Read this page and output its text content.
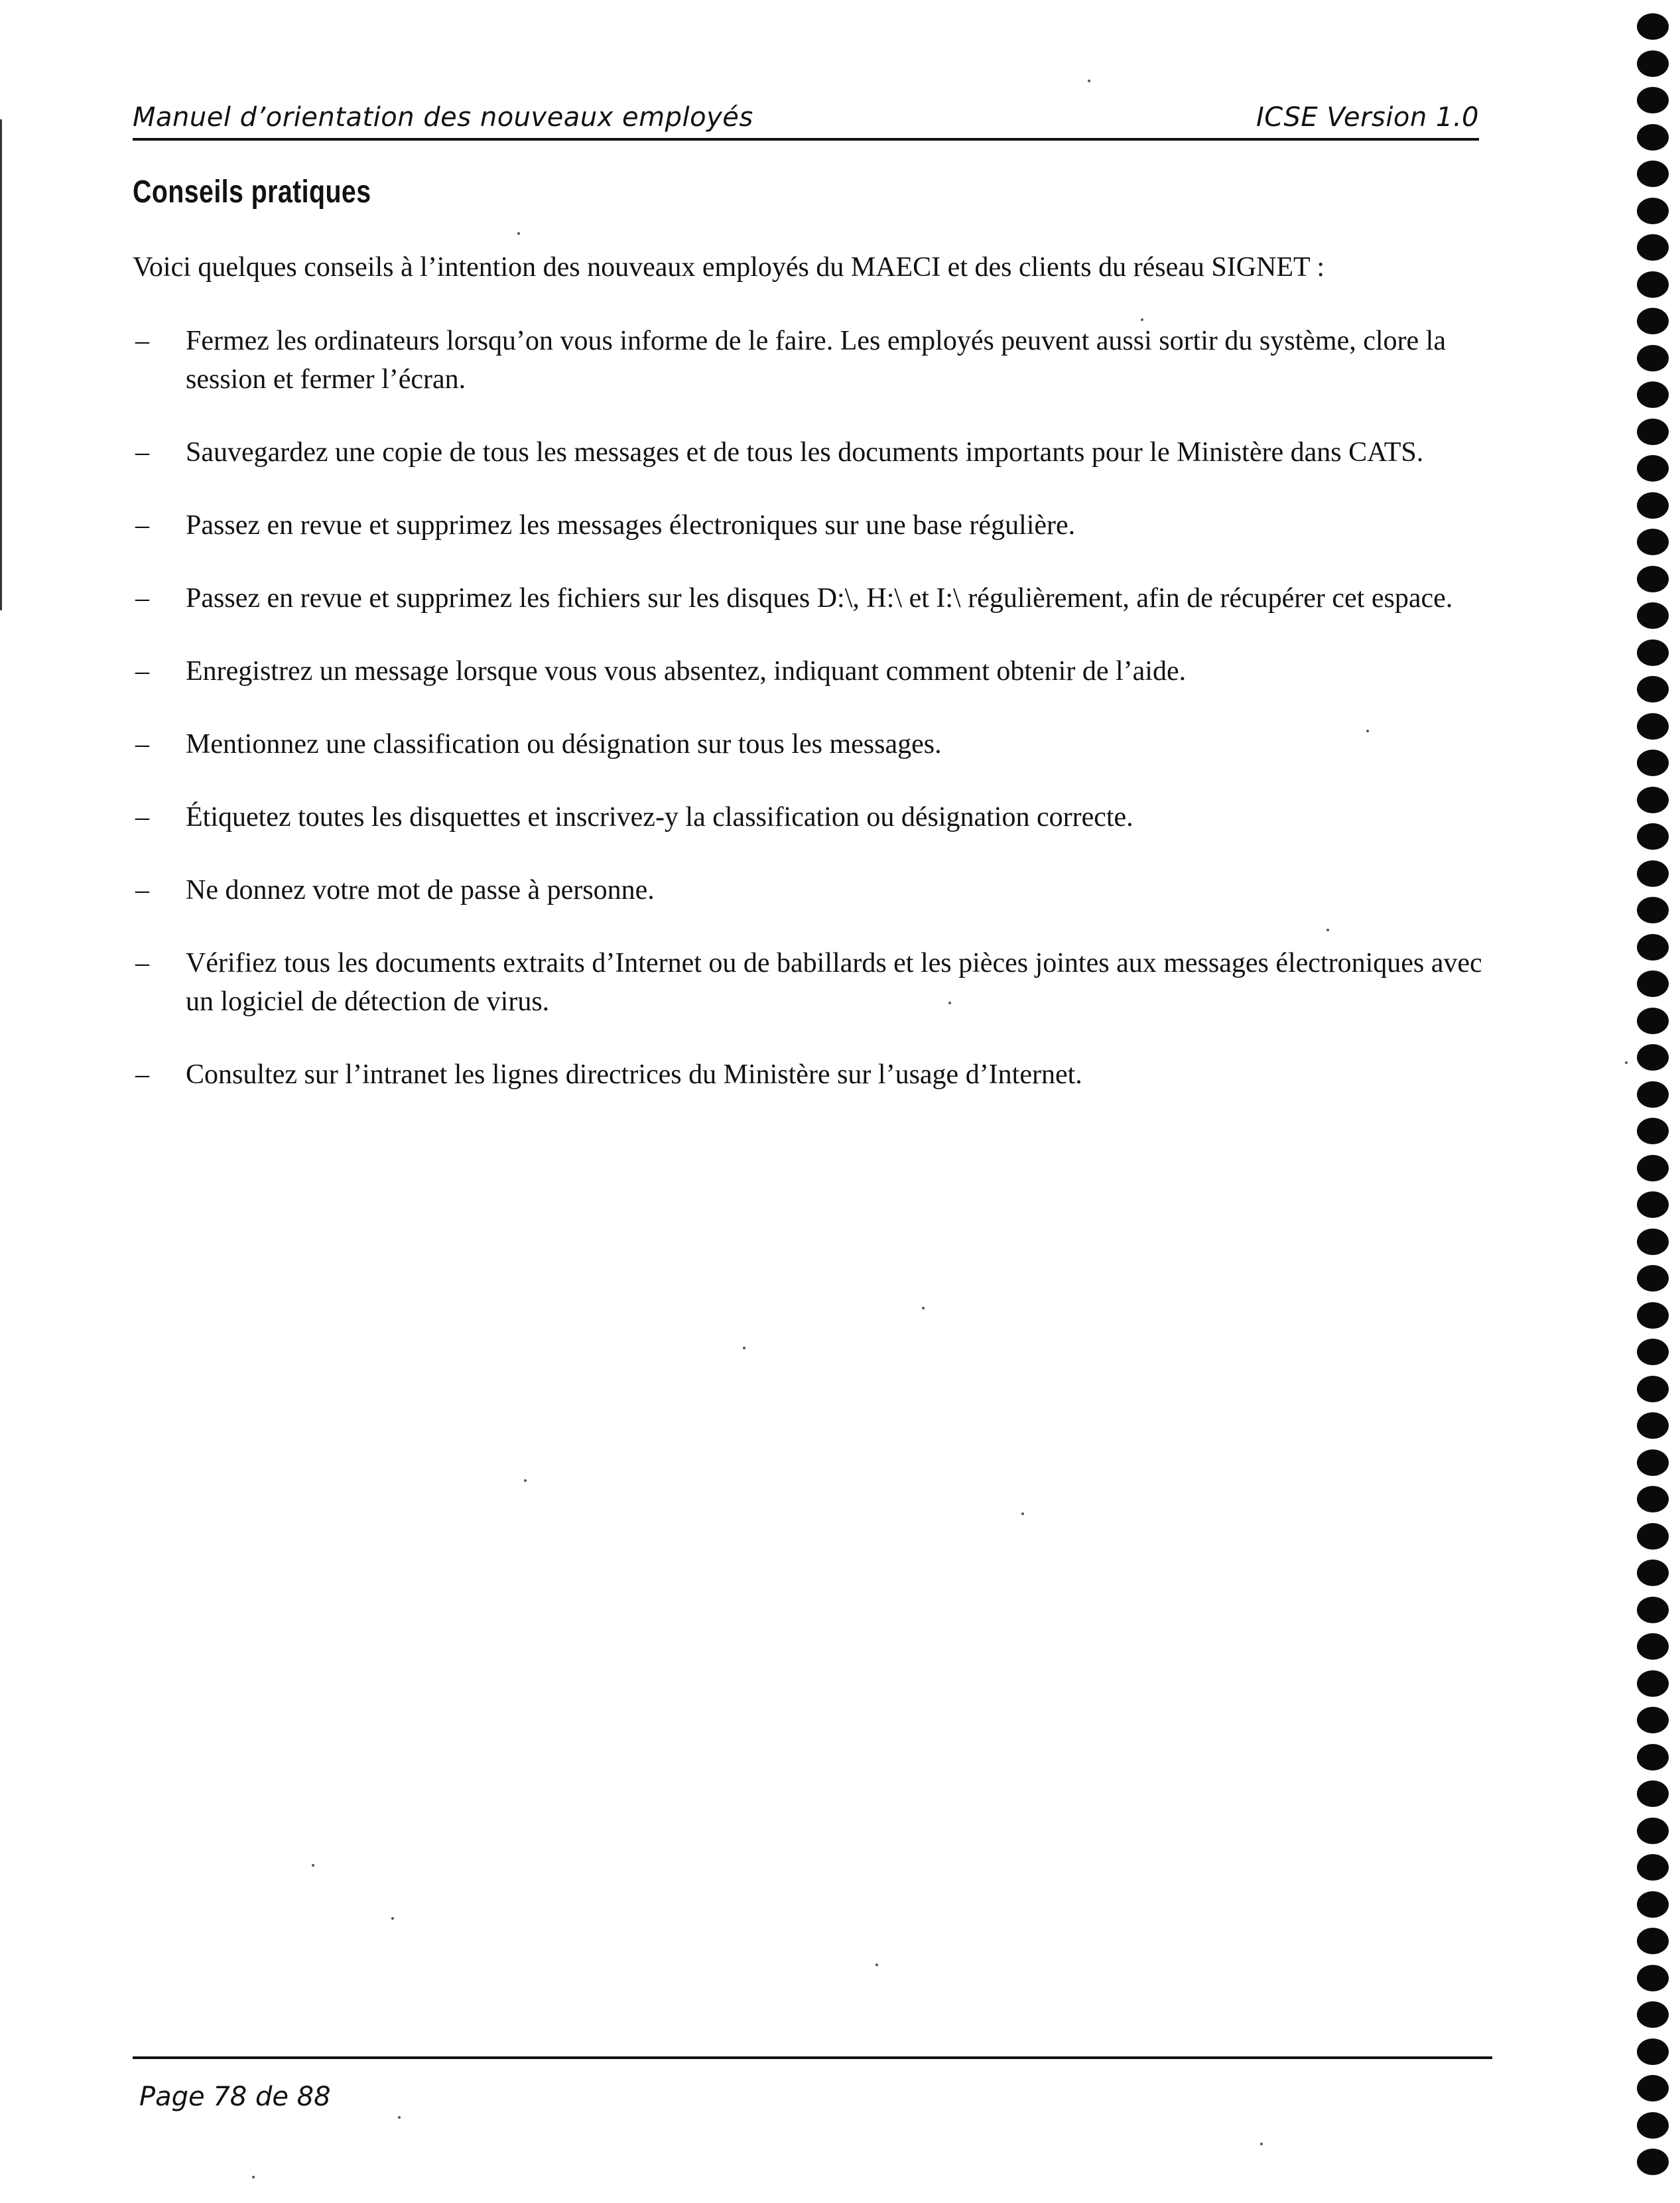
Manuel d’orientation des nouveaux employés	ICSE Version 1.0
Conseils pratiques
Voici quelques conseils à l’intention des nouveaux employés du MAECI et des clients du réseau SIGNET :
– Fermez les ordinateurs lorsqu’on vous informe de le faire. Les employés peuvent aussi sortir du système, clore la session et fermer l’écran.
– Sauvegardez une copie de tous les messages et de tous les documents importants pour le Ministère dans CATS.
– Passez en revue et supprimez les messages électroniques sur une base régulière.
– Passez en revue et supprimez les fichiers sur les disques D:\, H:\ et I:\ régulièrement, afin de récupérer cet espace.
– Enregistrez un message lorsque vous vous absentez, indiquant comment obtenir de l’aide.
– Mentionnez une classification ou désignation sur tous les messages.
– Étiquetez toutes les disquettes et inscrivez-y la classification ou désignation correcte.
– Ne donnez votre mot de passe à personne.
– Vérifiez tous les documents extraits d’Internet ou de babillards et les pièces jointes aux messages électroniques avec un logiciel de détection de virus.
– Consultez sur l’intranet les lignes directrices du Ministère sur l’usage d’Internet.
Page 78 de 88
